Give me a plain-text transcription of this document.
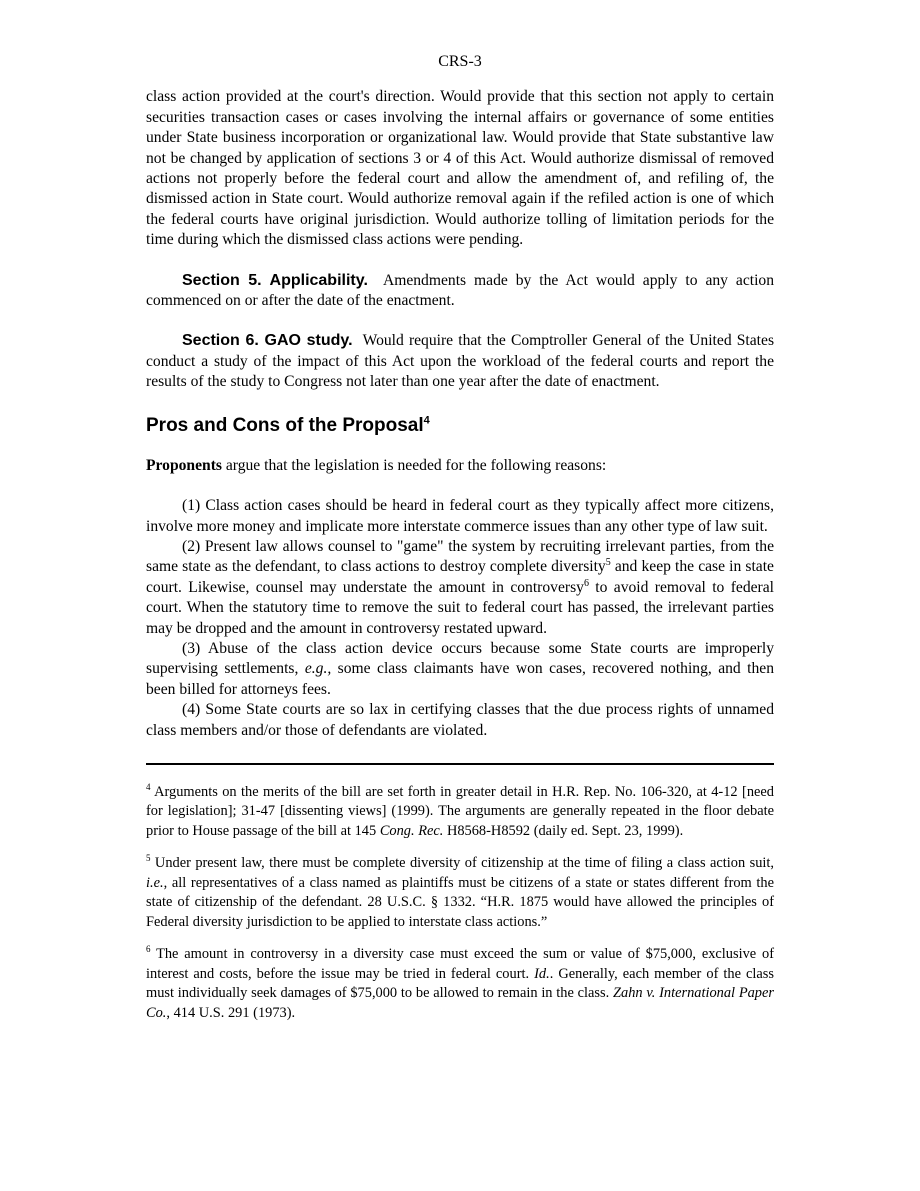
CRS-3

class action provided at the court's direction. Would provide that this section not apply to certain securities transaction cases or cases involving the internal affairs or governance of some entities under State business incorporation or organizational law. Would provide that State substantive law not be changed by application of sections 3 or 4 of this Act. Would authorize dismissal of removed actions not properly before the federal court and allow the amendment of, and refiling of, the dismissed action in State court. Would authorize removal again if the refiled action is one of which the federal courts have original jurisdiction. Would authorize tolling of limitation periods for the time during which the dismissed class actions were pending.

Section 5. Applicability. Amendments made by the Act would apply to any action commenced on or after the date of the enactment.

Section 6. GAO study. Would require that the Comptroller General of the United States conduct a study of the impact of this Act upon the workload of the federal courts and report the results of the study to Congress not later than one year after the date of enactment.

Pros and Cons of the Proposal$^4$

Proponents argue that the legislation is needed for the following reasons:

(1) Class action cases should be heard in federal court as they typically affect more citizens, involve more money and implicate more interstate commerce issues than any other type of law suit.

(2) Present law allows counsel to "game" the system by recruiting irrelevant parties, from the same state as the defendant, to class actions to destroy complete diversity$^5$ and keep the case in state court. Likewise, counsel may understate the amount in controversy$^6$ to avoid removal to federal court. When the statutory time to remove the suit to federal court has passed, the irrelevant parties may be dropped and the amount in controversy restated upward.

(3) Abuse of the class action device occurs because some State courts are improperly supervising settlements, e.g., some class claimants have won cases, recovered nothing, and then been billed for attorneys fees.

(4) Some State courts are so lax in certifying classes that the due process rights of unnamed class members and/or those of defendants are violated.

$^4$ Arguments on the merits of the bill are set forth in greater detail in H.R. Rep. No. 106-320, at 4-12 [need for legislation]; 31-47 [dissenting views] (1999). The arguments are generally repeated in the floor debate prior to House passage of the bill at 145 Cong. Rec. H8568-H8592 (daily ed. Sept. 23, 1999).

$^5$ Under present law, there must be complete diversity of citizenship at the time of filing a class action suit, i.e., all representatives of a class named as plaintiffs must be citizens of a state or states different from the state of citizenship of the defendant. 28 U.S.C. § 1332. “H.R. 1875 would have allowed the principles of Federal diversity jurisdiction to be applied to interstate class actions.”

$^6$ The amount in controversy in a diversity case must exceed the sum or value of $75,000, exclusive of interest and costs, before the issue may be tried in federal court. Id.. Generally, each member of the class must individually seek damages of $75,000 to be allowed to remain in the class. Zahn v. International Paper Co., 414 U.S. 291 (1973).
